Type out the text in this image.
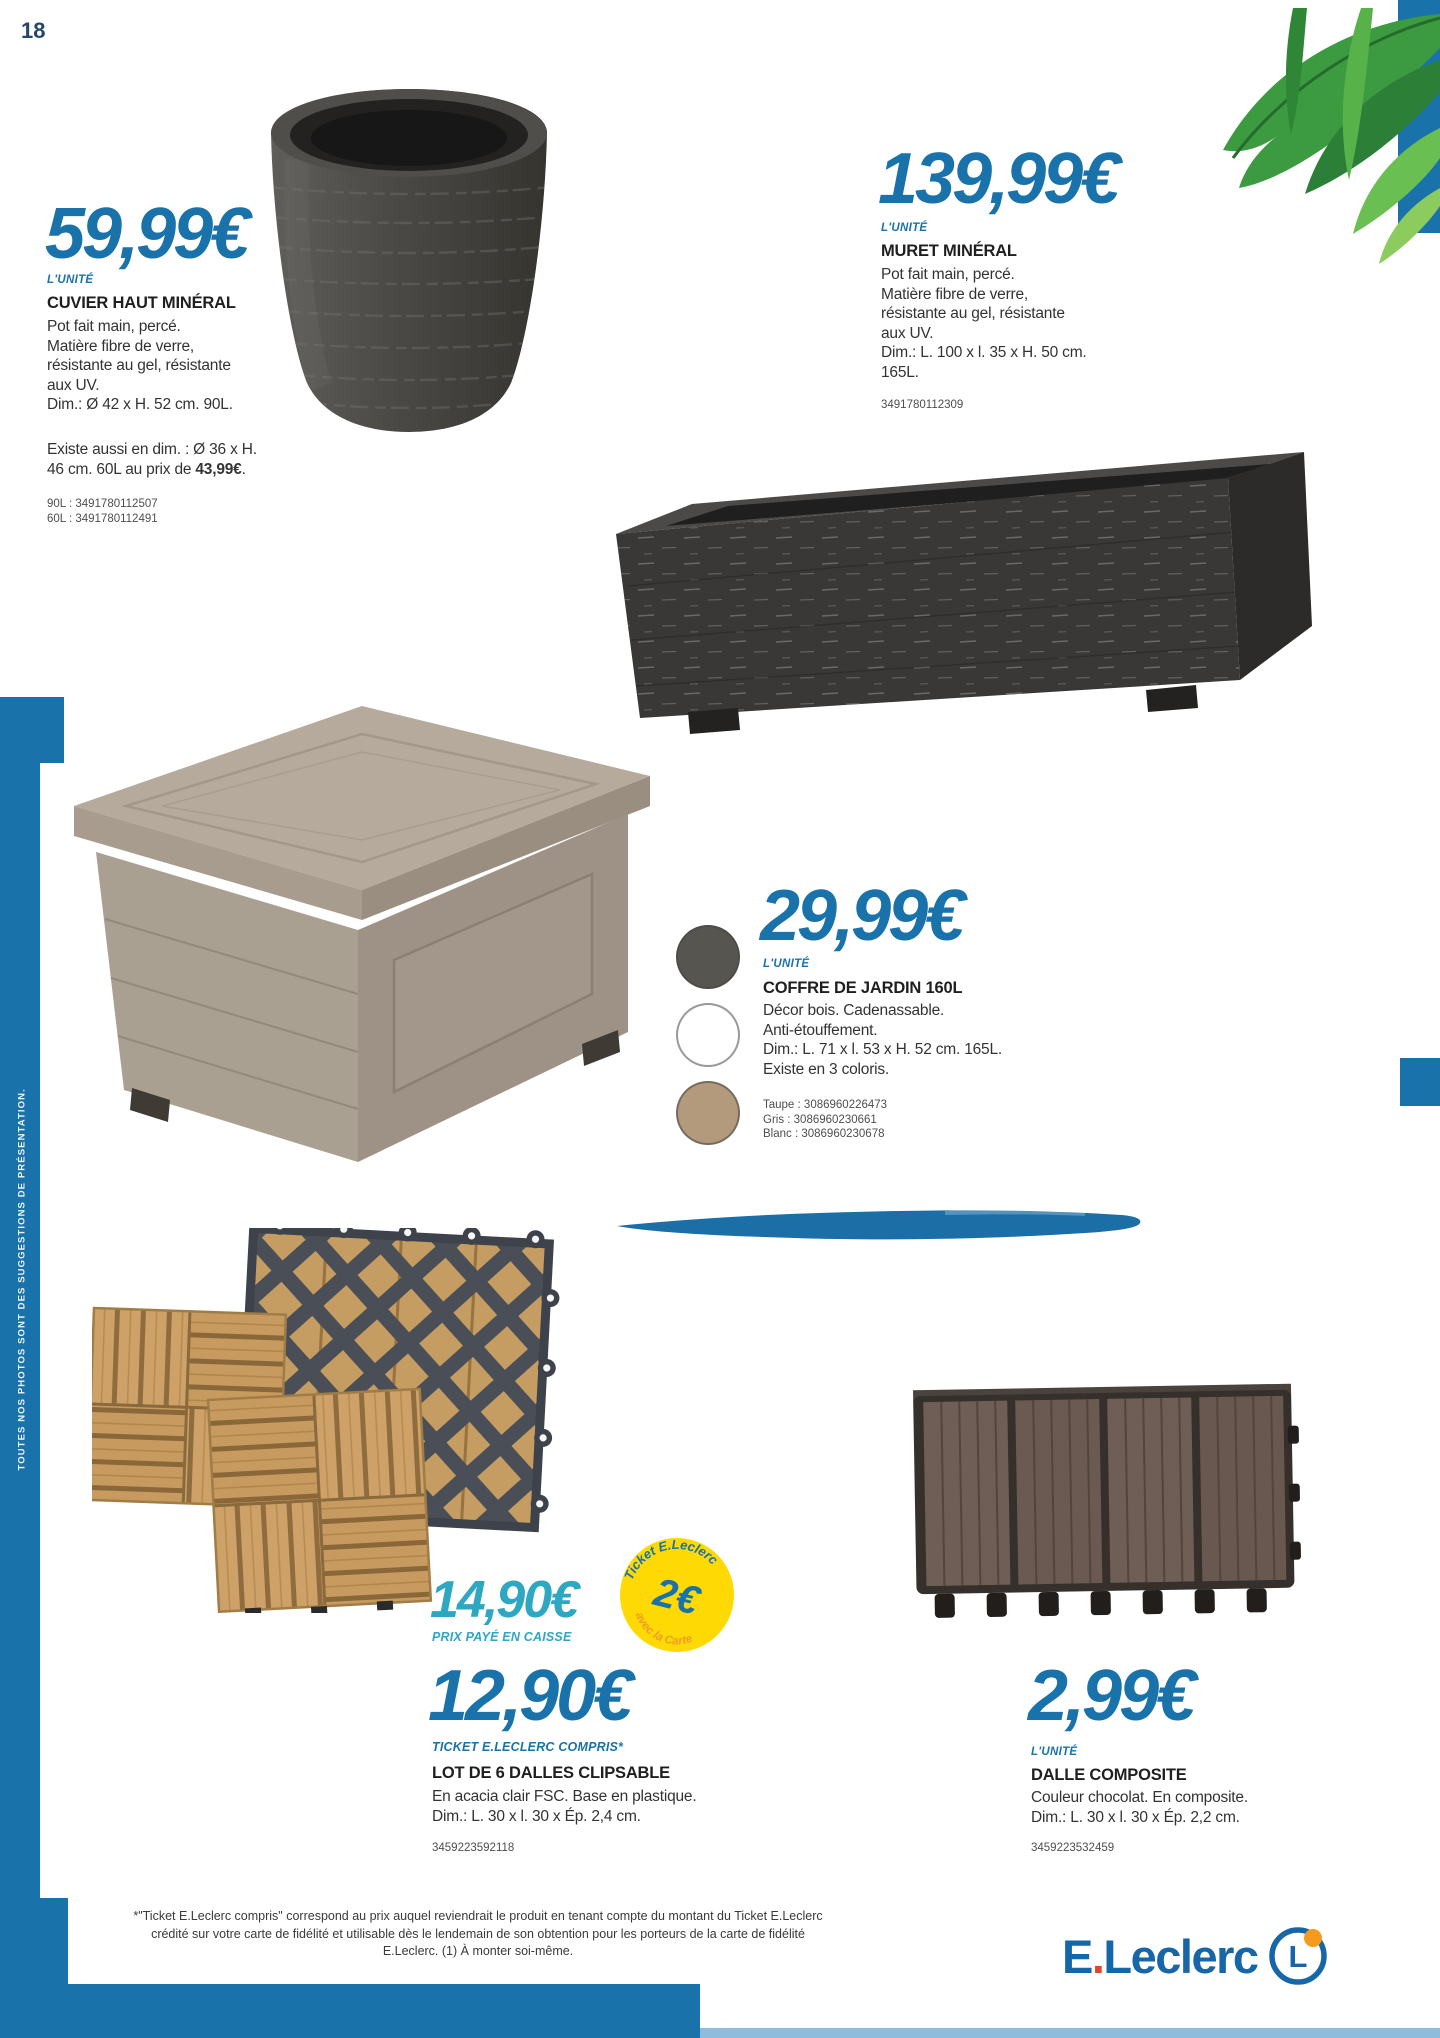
18
59,99€
L'UNITÉ
CUVIER HAUT MINÉRAL
Pot fait main, percé.
Matière fibre de verre,
résistante au gel, résistante
aux UV.
Dim.: Ø 42 x H. 52 cm. 90L.
Existe aussi en dim. : Ø 36 x H.
46 cm. 60L au prix de 43,99€.
90L : 3491780112507
60L : 3491780112491
139,99€
L'UNITÉ
MURET MINÉRAL
Pot fait main, percé.
Matière fibre de verre,
résistante au gel, résistante
aux UV.
Dim.: L. 100 x l. 35 x H. 50 cm.
165L.
3491780112309
29,99€
L'UNITÉ
COFFRE DE JARDIN 160L
Décor bois. Cadenassable.
Anti-étouffement.
Dim.: L. 71 x l. 53 x H. 52 cm. 165L.
Existe en 3 coloris.
Taupe : 3086960226473
Gris : 3086960230661
Blanc : 3086960230678
14,90€
PRIX PAYÉ EN CAISSE
12,90€
TICKET E.LECLERC COMPRIS*
LOT DE 6 DALLES CLIPSABLE
En acacia clair FSC. Base en plastique.
Dim.: L. 30 x l. 30 x Ép. 2,4 cm.
3459223592118
Ticket E.Leclerc
2€
avec la Carte
2,99€
L'UNITÉ
DALLE COMPOSITE
Couleur chocolat. En composite.
Dim.: L. 30 x l. 30 x Ép. 2,2 cm.
3459223532459
TOUTES NOS PHOTOS SONT DES SUGGESTIONS DE PRÉSENTATION.
*"Ticket E.Leclerc compris" correspond au prix auquel reviendrait le produit en tenant compte du montant du Ticket E.Leclerc
crédité sur votre carte de fidélité et utilisable dès le lendemain de son obtention pour les porteurs de la carte de fidélité
E.Leclerc. (1) À monter soi-même.	E.Leclerc L
